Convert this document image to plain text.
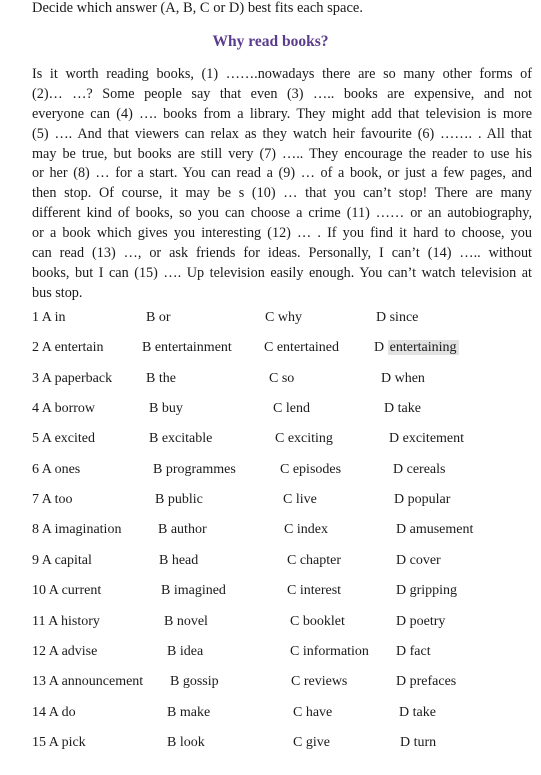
Decide which answer (A, B, C or D) best fits each space.
Why read books?
Is it worth reading books, (1) …….nowadays there are so many other forms of
(2)… …? Some people say that even (3) ….. books are expensive, and not
everyone can (4) …. books from a library. They might add that television is more
(5) …. And that viewers can relax as they watch heir favourite (6) ……. . All that
may be true, but books are still very (7) ….. They encourage the reader to use his
or her (8) … for a start. You can read a (9) … of a book, or just a few pages, and
then stop. Of course, it may be s (10) … that you can’t stop! There are many
different kind of books, so you can choose a crime (11) …… or an autobiography,
or a book which gives you interesting (12) … . If you find it hard to choose, you
can read (13) …, or ask friends for ideas. Personally, I can’t (14) ….. without
books, but I can (15) …. Up television easily enough. You can’t watch television at
bus stop.
1 A in	B or	C why	D since
2 A entertain	B entertainment C entertained D entertaining
3 A paperback B the	C so	D when
4 A borrow	B buy	C lend	D take
5 A excited	B excitable	C exciting	D excitement
6 A ones	B programmes	C episodes	D cereals
7 A too	B public	C live	D popular
8 A imagination	B author	C index	D amusement
9 A capital	B head	C chapter	D cover
10 A current	B imagined	C interest	D gripping
11 A history	B novel	C booklet	D poetry
12 A advise	B idea	C information D fact
13 A announcement B gossip	C reviews	D prefaces
14 A do	B make	C have	D take
15 A pick	B look	C give	D turn
